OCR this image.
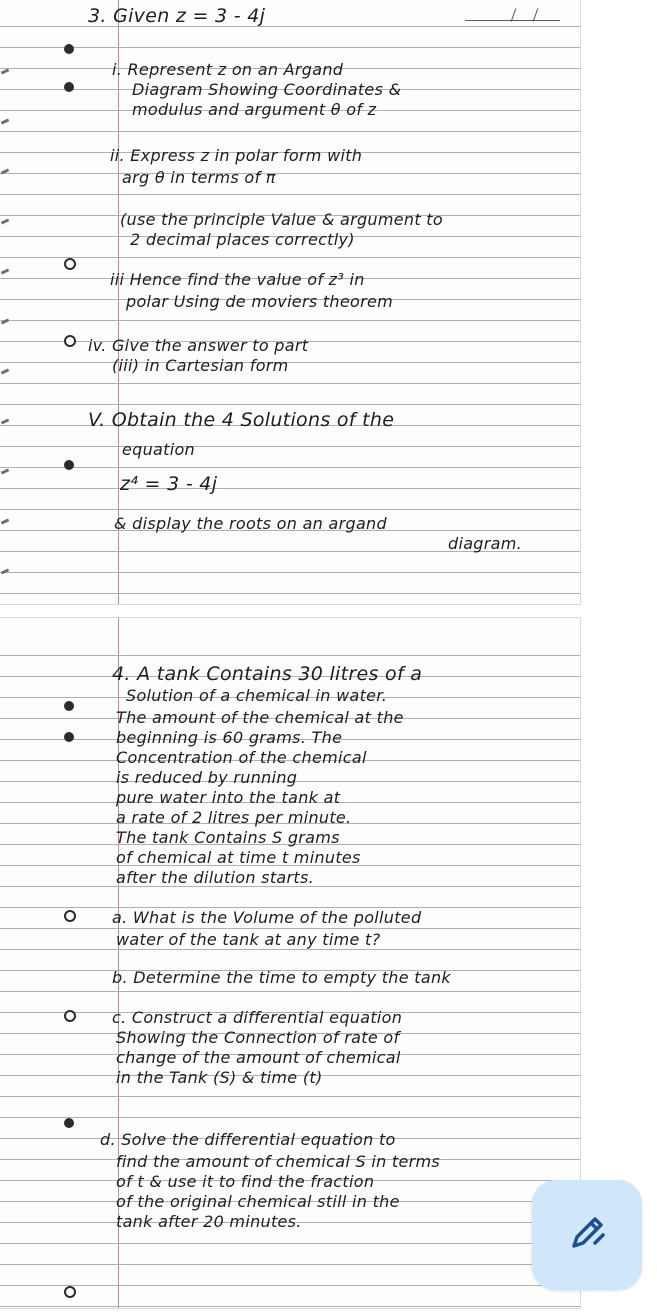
3. Given z = 3 - 4j
i. Represent z on an Argand
Diagram Showing Coordinates &
modulus and argument θ of z
ii. Express z in polar form with
arg θ in terms of π
(use the principle Value & argument to
2 decimal places correctly)
iii Hence find the value of z³ in
polar Using de moviers theorem
iv. Give the answer to part
(iii) in Cartesian form
V. Obtain the 4 Solutions of the
equation
z⁴ = 3 - 4j
& display the roots on an argand
diagram.
4. A tank Contains 30 litres of a
Solution of a chemical in water.
The amount of the chemical at the
beginning is 60 grams. The
Concentration of the chemical
is reduced by running
pure water into the tank at
a rate of 2 litres per minute.
The tank Contains S grams
of chemical at time t minutes
after the dilution starts.
a. What is the Volume of the polluted
water of the tank at any time t?
b. Determine the time to empty the tank
c. Construct a differential equation
Showing the Connection of rate of
change of the amount of chemical
in the Tank (S) & time (t)
d. Solve the differential equation to
find the amount of chemical S in terms
of t & use it to find the fraction
of the original chemical still in the
tank after 20 minutes.
